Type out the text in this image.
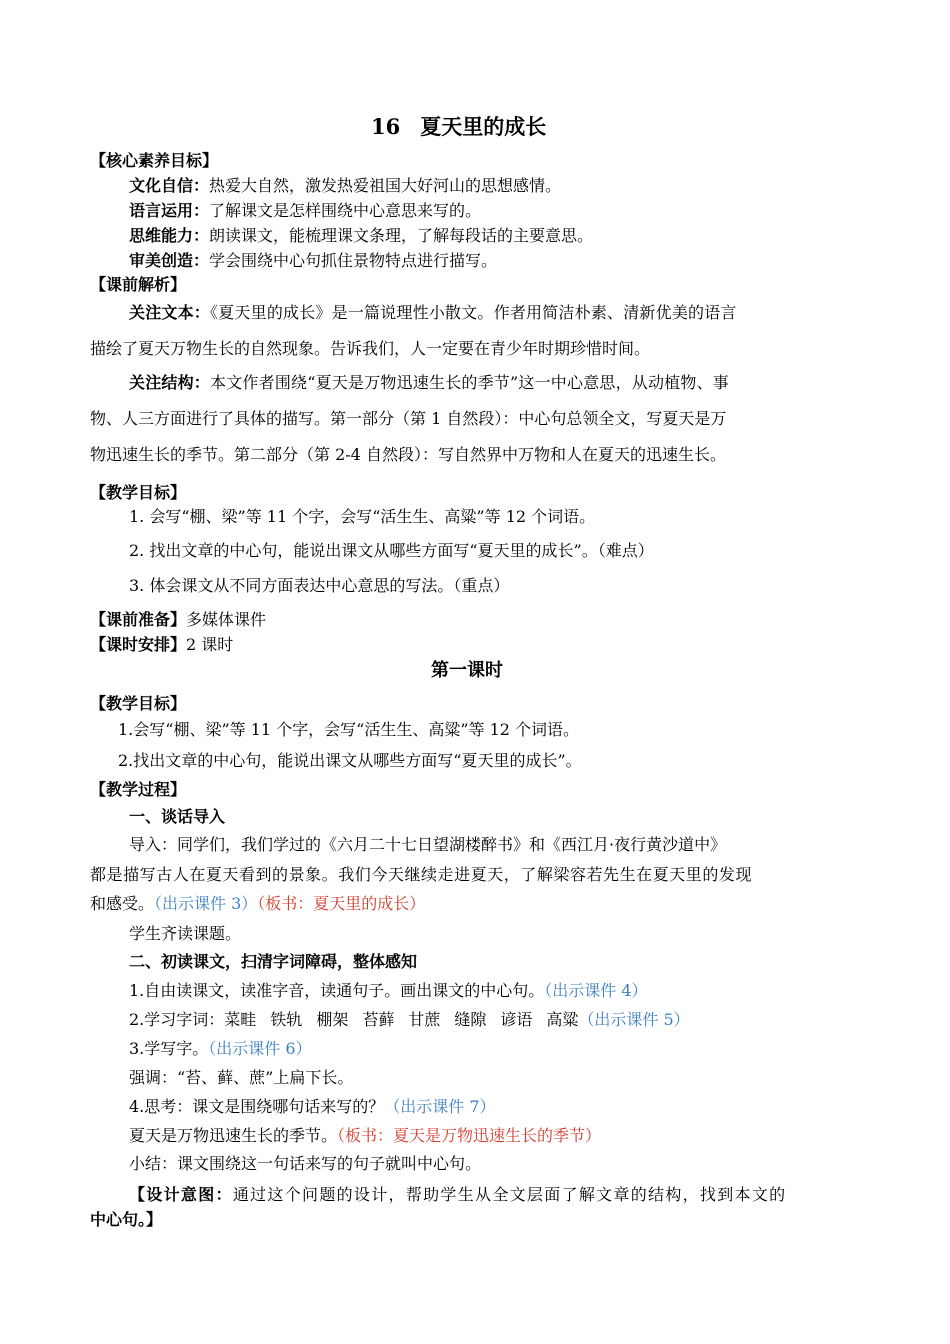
16 夏天里的成长
【核心素养目标】
文化自信：热爱大自然，激发热爱祖国大好河山的思想感情。
语言运用：了解课文是怎样围绕中心意思来写的。
思维能力：朗读课文，能梳理课文条理，了解每段话的主要意思。
审美创造：学会围绕中心句抓住景物特点进行描写。
【课前解析】
关注文本：《夏天里的成长》是一篇说理性小散文。作者用简洁朴素、清新优美的语言
描绘了夏天万物生长的自然现象。告诉我们，人一定要在青少年时期珍惜时间。
关注结构：本文作者围绕“夏天是万物迅速生长的季节”这一中心意思，从动植物、事
物、人三方面进行了具体的描写。第一部分（第 1 自然段）：中心句总领全文，写夏天是万
物迅速生长的季节。第二部分（第 2-4 自然段）：写自然界中万物和人在夏天的迅速生长。
【教学目标】
1. 会写“棚、梁”等 11 个字，会写“活生生、高粱”等 12 个词语。
2. 找出文章的中心句，能说出课文从哪些方面写“夏天里的成长”。（难点）
3. 体会课文从不同方面表达中心意思的写法。（重点）
【课前准备】多媒体课件
【课时安排】2 课时
第一课时
【教学目标】
1.会写“棚、梁”等 11 个字，会写“活生生、高粱”等 12 个词语。
2.找出文章的中心句，能说出课文从哪些方面写“夏天里的成长”。
【教学过程】
一、谈话导入
导入：同学们，我们学过的《六月二十七日望湖楼醉书》和《西江月·夜行黄沙道中》
都是描写古人在夏天看到的景象。我们今天继续走进夏天，了解梁容若先生在夏天里的发现
和感受。（出示课件 3）（板书：夏天里的成长）
学生齐读课题。
二、初读课文，扫清字词障碍，整体感知
1.自由读课文，读准字音，读通句子。画出课文的中心句。（出示课件 4）
2.学习字词：菜畦 铁轨 棚架 苔藓 甘蔗 缝隙 谚语 高粱（出示课件 5）
3.学写字。（出示课件 6）
强调：“苔、藓、蔗”上扁下长。
4.思考：课文是围绕哪句话来写的？（出示课件 7）
夏天是万物迅速生长的季节。（板书：夏天是万物迅速生长的季节）
小结：课文围绕这一句话来写的句子就叫中心句。
【设计意图：通过这个问题的设计，帮助学生从全文层面了解文章的结构，找到本文的
中心句。】
